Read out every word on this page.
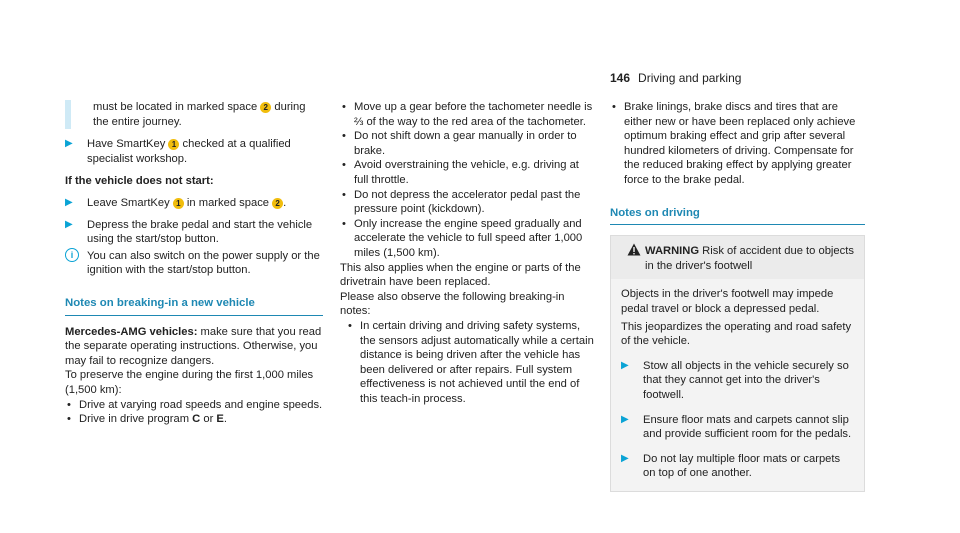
146 Driving and parking

must be located in marked space 2 during the entire journey.

▶ Have SmartKey 1 checked at a qualified specialist workshop.

If the vehicle does not start:

▶ Leave SmartKey 1 in marked space 2 .
▶ Depress the brake pedal and start the vehicle using the start/stop button.
i	You can also switch on the power supply or the ignition with the start/stop button.
Notes on breaking-in a new vehicle

Mercedes-AMG vehicles: make sure that you read the separate operating instructions. Otherwise, you may fail to recognize dangers.

To preserve the engine during the first 1,000 miles (1,500 km):

• Drive at varying road speeds and engine speeds.
• Drive in drive program C or E.
• Move up a gear before the tachometer needle is ⅔ of the way to the red area of the tachometer.
• Do not shift down a gear manually in order to brake.
• Avoid overstraining the vehicle, e.g. driving at full throttle.
• Do not depress the accelerator pedal past the pressure point (kickdown).
• Only increase the engine speed gradually and accelerate the vehicle to full speed after 1,000 miles (1,500 km).

This also applies when the engine or parts of the drivetrain have been replaced.

Please also observe the following breaking-in notes:

• In certain driving and driving safety systems, the sensors adjust automatically while a certain distance is being driven after the vehicle has been delivered or after repairs. Full system effectiveness is not achieved until the end of this teach-in process.
• Brake linings, brake discs and tires that are either new or have been replaced only achieve optimum braking effect and grip after several hundred kilometers of driving. Compensate for the reduced braking effect by applying greater force to the brake pedal.
Notes on driving
WARNING Risk of accident due to objects in the driver's footwell

Objects in the driver's footwell may impede pedal travel or block a depressed pedal.

This jeopardizes the operating and road safety of the vehicle.

▶ Stow all objects in the vehicle securely so that they cannot get into the driver's footwell.
▶ Ensure floor mats and carpets cannot slip and provide sufficient room for the pedals.
▶ Do not lay multiple floor mats or carpets on top of one another.
